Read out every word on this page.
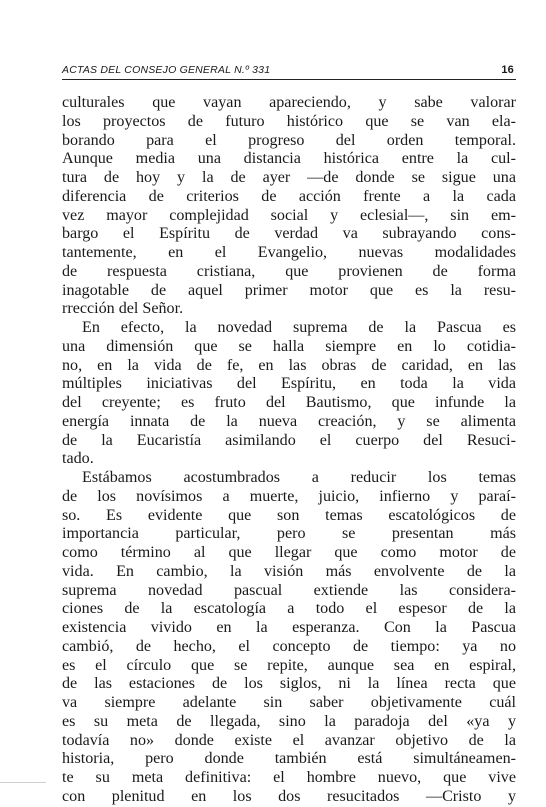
ACTAS DEL CONSEJO GENERAL N.º 331	16
culturales que vayan apareciendo, y sabe valorar
los proyectos de futuro histórico que se van ela-
borando para el progreso del orden temporal.
Aunque media una distancia histórica entre la cul-
tura de hoy y la de ayer —de donde se sigue una
diferencia de criterios de acción frente a la cada
vez mayor complejidad social y eclesial—, sin em-
bargo el Espíritu de verdad va subrayando cons-
tantemente, en el Evangelio, nuevas modalidades
de respuesta cristiana, que provienen de forma
inagotable de aquel primer motor que es la resu-
rrección del Señor.
En efecto, la novedad suprema de la Pascua es
una dimensión que se halla siempre en lo cotidia-
no, en la vida de fe, en las obras de caridad, en las
múltiples iniciativas del Espíritu, en toda la vida
del creyente; es fruto del Bautismo, que infunde la
energía innata de la nueva creación, y se alimenta
de la Eucaristía asimilando el cuerpo del Resuci-
tado.
Estábamos acostumbrados a reducir los temas
de los novísimos a muerte, juicio, infierno y paraí-
so. Es evidente que son temas escatológicos de
importancia particular, pero se presentan más
como término al que llegar que como motor de
vida. En cambio, la visión más envolvente de la
suprema novedad pascual extiende las considera-
ciones de la escatología a todo el espesor de la
existencia vivido en la esperanza. Con la Pascua
cambió, de hecho, el concepto de tiempo: ya no
es el círculo que se repite, aunque sea en espiral,
de las estaciones de los siglos, ni la línea recta que
va siempre adelante sin saber objetivamente cuál
es su meta de llegada, sino la paradoja del «ya y
todavía no» donde existe el avanzar objetivo de la
historia, pero donde también está simultáneamen-
te su meta definitiva: el hombre nuevo, que vive
con plenitud en los dos resucitados —Cristo y
